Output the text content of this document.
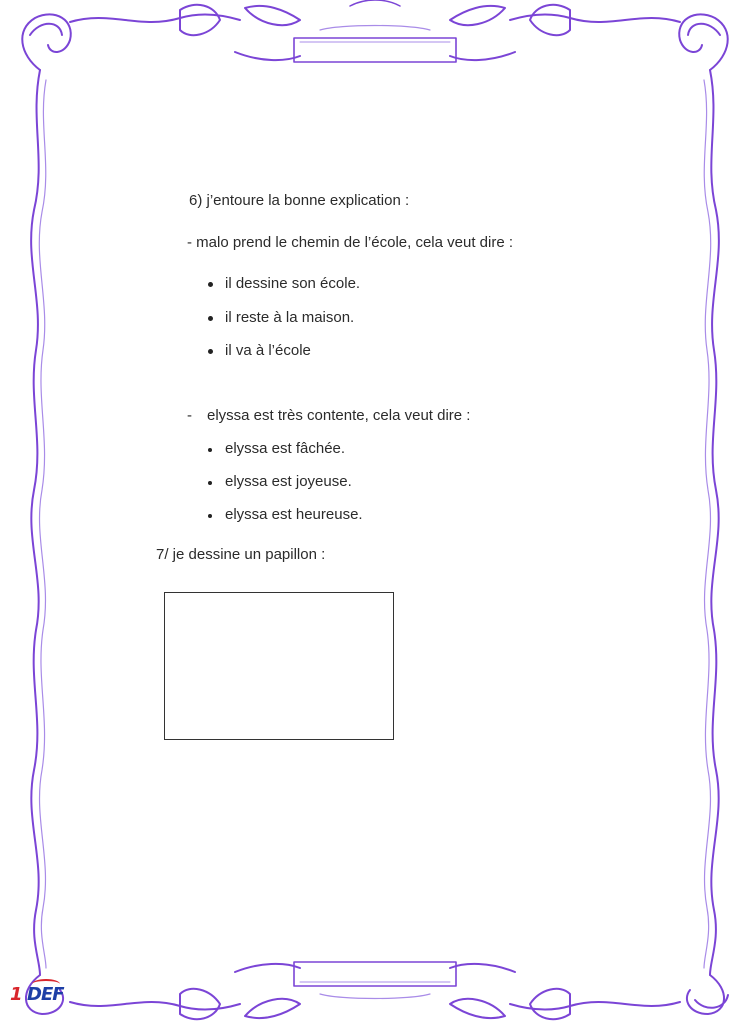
6) j’entoure la bonne explication :
- malo prend le chemin de l’école, cela veut dire :
il dessine son école.
il reste à la maison.
il va à l’école
- elyssa est très contente, cela veut dire :
elyssa est fâchée.
elyssa est joyeuse.
elyssa est heureuse.
7/ je dessine un papillon :
1 DEF
